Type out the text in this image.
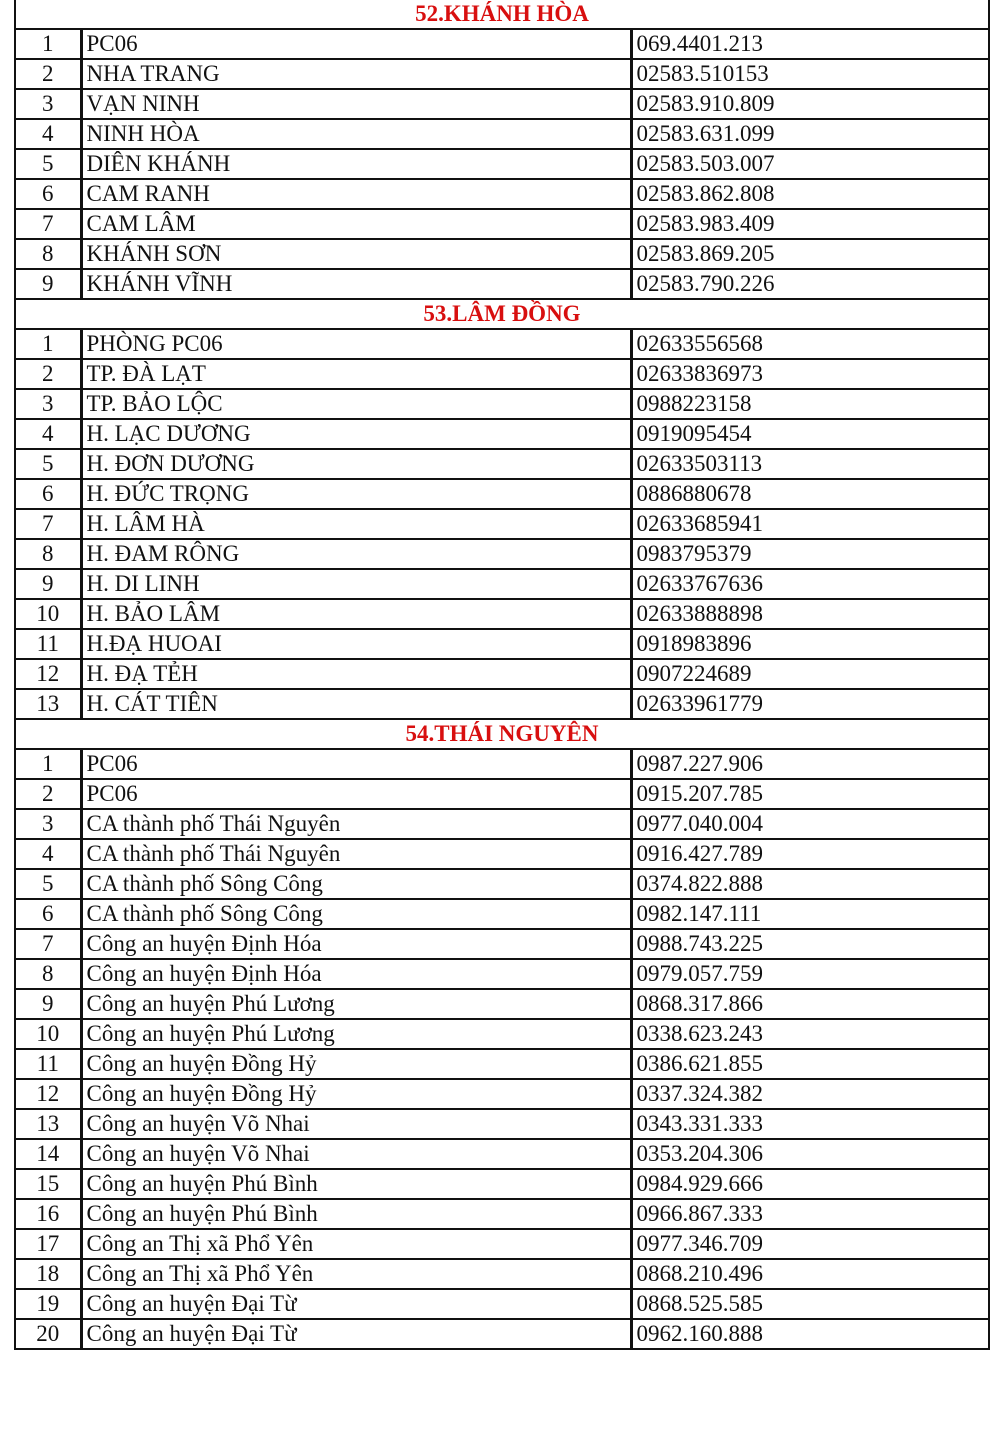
52.KHÁNH HÒA		
1	PC06	069.4401.213
2	NHA TRANG	02583.510153
3	VẠN NINH	02583.910.809
4	NINH HÒA	02583.631.099
5	DIÊN KHÁNH	02583.503.007
6	CAM RANH	02583.862.808
7	CAM LÂM	02583.983.409
8	KHÁNH SƠN	02583.869.205
9	KHÁNH VĨNH	02583.790.226
53.LÂM ĐỒNG		
1	PHÒNG PC06	02633556568
2	TP. ĐÀ LẠT	02633836973
3	TP. BẢO LỘC	0988223158
4	H. LẠC DƯƠNG	0919095454
5	H. ĐƠN DƯƠNG	02633503113
6	H. ĐỨC TRỌNG	0886880678
7	H. LÂM HÀ	02633685941
8	H. ĐAM RÔNG	0983795379
9	H. DI LINH	02633767636
10	H. BẢO LÂM	02633888898
11	H.ĐẠ HUOAI	0918983896
12	H. ĐẠ TẺH	0907224689
13	H. CÁT TIÊN	02633961779
54.THÁI NGUYÊN		
1	PC06	0987.227.906
2	PC06	0915.207.785
3	CA thành phố Thái Nguyên	0977.040.004
4	CA thành phố Thái Nguyên	0916.427.789
5	CA thành phố Sông Công	0374.822.888
6	CA thành phố Sông Công	0982.147.111
7	Công an huyện Định Hóa	0988.743.225
8	Công an huyện Định Hóa	0979.057.759
9	Công an huyện Phú Lương	0868.317.866
10	Công an huyện Phú Lương	0338.623.243
11	Công an huyện Đồng Hỷ	0386.621.855
12	Công an huyện Đồng Hỷ	0337.324.382
13	Công an huyện Võ Nhai	0343.331.333
14	Công an huyện Võ Nhai	0353.204.306
15	Công an huyện Phú Bình	0984.929.666
16	Công an huyện Phú Bình	0966.867.333
17	Công an Thị xã Phổ Yên	0977.346.709
18	Công an Thị xã Phổ Yên	0868.210.496
19	Công an huyện Đại Từ	0868.525.585
20	Công an huyện Đại Từ	0962.160.888
